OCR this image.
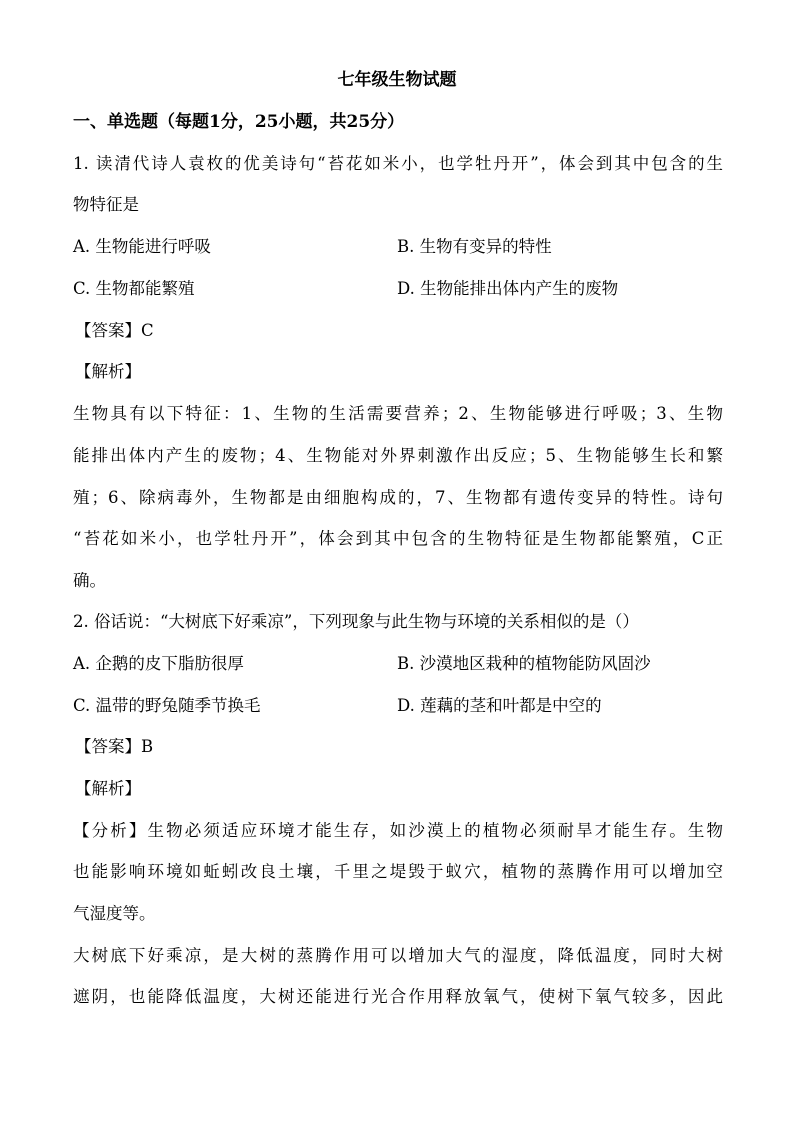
七年级生物试题
一、单选题（每题1分，25小题，共25分）
1. 读清代诗人袁枚的优美诗句“苔花如米小，也学牡丹开”，体会到其中包含的生
物特征是
A. 生物能进行呼吸	B. 生物有变异的特性
C. 生物都能繁殖	D. 生物能排出体内产生的废物
【答案】C
【解析】
生物具有以下特征：1、生物的生活需要营养；2、生物能够进行呼吸；3、生物
能排出体内产生的废物；4、生物能对外界刺激作出反应；5、生物能够生长和繁
殖；6、除病毒外，生物都是由细胞构成的，7、生物都有遗传变异的特性。诗句
“苔花如米小，也学牡丹开”，体会到其中包含的生物特征是生物都能繁殖，C正
确。
2. 俗话说：“大树底下好乘凉”，下列现象与此生物与环境的关系相似的是（）
A. 企鹅的皮下脂肪很厚	B. 沙漠地区栽种的植物能防风固沙
C. 温带的野兔随季节换毛	D. 莲藕的茎和叶都是中空的
【答案】B
【解析】
【分析】生物必须适应环境才能生存，如沙漠上的植物必须耐旱才能生存。生物
也能影响环境如蚯蚓改良土壤，千里之堤毁于蚁穴，植物的蒸腾作用可以增加空
气湿度等。
大树底下好乘凉，是大树的蒸腾作用可以增加大气的湿度，降低温度，同时大树
遮阴，也能降低温度，大树还能进行光合作用释放氧气，使树下氧气较多，因此
